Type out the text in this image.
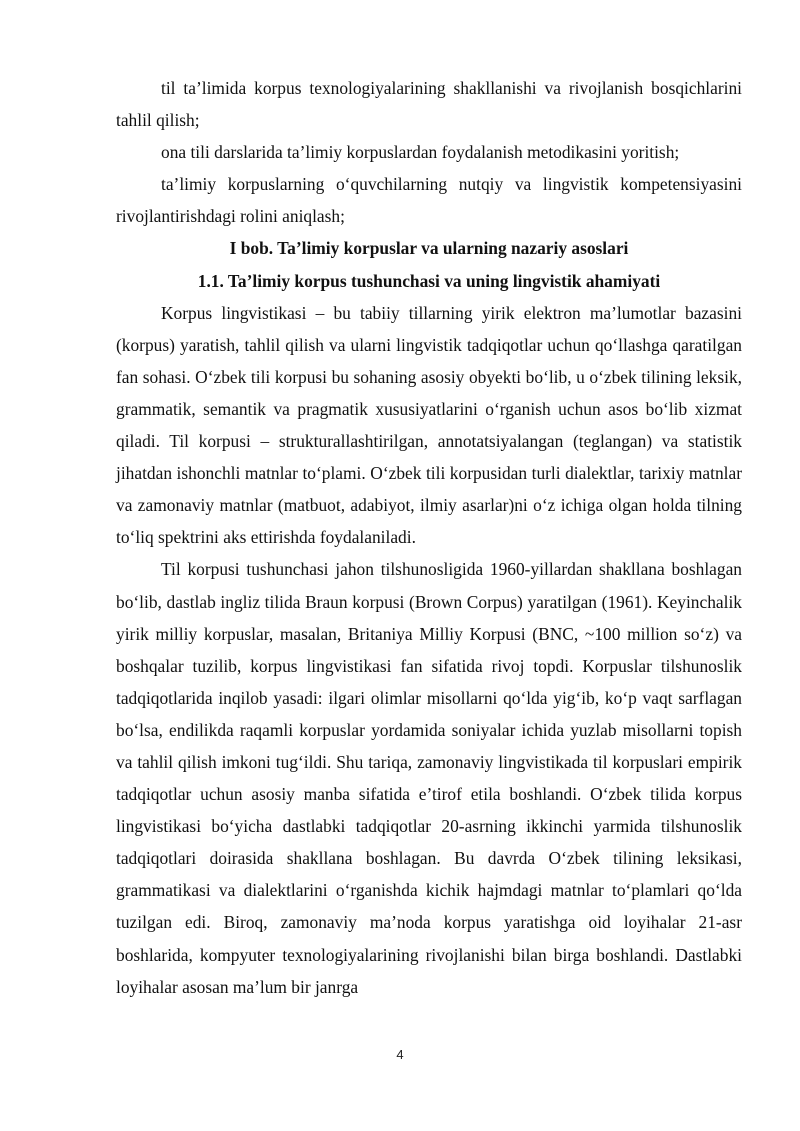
til ta’limida korpus texnologiyalarining shakllanishi va rivojlanish bosqichlarini tahlil qilish;

ona tili darslarida ta’limiy korpuslardan foydalanish metodikasini yoritish;

ta’limiy korpuslarning o‘quvchilarning nutqiy va lingvistik kompetensiyasini rivojlantirishdagi rolini aniqlash;

I bob. Ta’limiy korpuslar va ularning nazariy asoslari

1.1. Ta’limiy korpus tushunchasi va uning lingvistik ahamiyati

Korpus lingvistikasi – bu tabiiy tillarning yirik elektron ma’lumotlar bazasini (korpus) yaratish, tahlil qilish va ularni lingvistik tadqiqotlar uchun qo‘llashga qaratilgan fan sohasi. O‘zbek tili korpusi bu sohaning asosiy obyekti bo‘lib, u o‘zbek tilining leksik, grammatik, semantik va pragmatik xususiyatlarini o‘rganish uchun asos bo‘lib xizmat qiladi. Til korpusi – strukturallashtirilgan, annotatsiyalangan (teglangan) va statistik jihatdan ishonchli matnlar to‘plami. O‘zbek tili korpusidan turli dialektlar, tarixiy matnlar va zamonaviy matnlar (matbuot, adabiyot, ilmiy asarlar)ni o‘z ichiga olgan holda tilning to‘liq spektrini aks ettirishda foydalaniladi.

Til korpusi tushunchasi jahon tilshunosligida 1960-yillardan shakllana boshlagan bo‘lib, dastlab ingliz tilida Braun korpusi (Brown Corpus) yaratilgan (1961). Keyinchalik yirik milliy korpuslar, masalan, Britaniya Milliy Korpusi (BNC, ~100 million so‘z) va boshqalar tuzilib, korpus lingvistikasi fan sifatida rivoj topdi. Korpuslar tilshunoslik tadqiqotlarida inqilob yasadi: ilgari olimlar misollarni qo‘lda yig‘ib, ko‘p vaqt sarflagan bo‘lsa, endilikda raqamli korpuslar yordamida soniyalar ichida yuzlab misollarni topish va tahlil qilish imkoni tug‘ildi. Shu tariqa, zamonaviy lingvistikada til korpuslari empirik tadqiqotlar uchun asosiy manba sifatida e’tirof etila boshlandi. O‘zbek tilida korpus lingvistikasi bo‘yicha dastlabki tadqiqotlar 20-asrning ikkinchi yarmida tilshunoslik tadqiqotlari doirasida shakllana boshlagan. Bu davrda O‘zbek tilining leksikasi, grammatikasi va dialektlarini o‘rganishda kichik hajmdagi matnlar to‘plamlari qo‘lda tuzilgan edi. Biroq, zamonaviy ma’noda korpus yaratishga oid loyihalar 21-asr boshlarida, kompyuter texnologiyalarining rivojlanishi bilan birga boshlandi. Dastlabki loyihalar asosan ma’lum bir janrga

4
